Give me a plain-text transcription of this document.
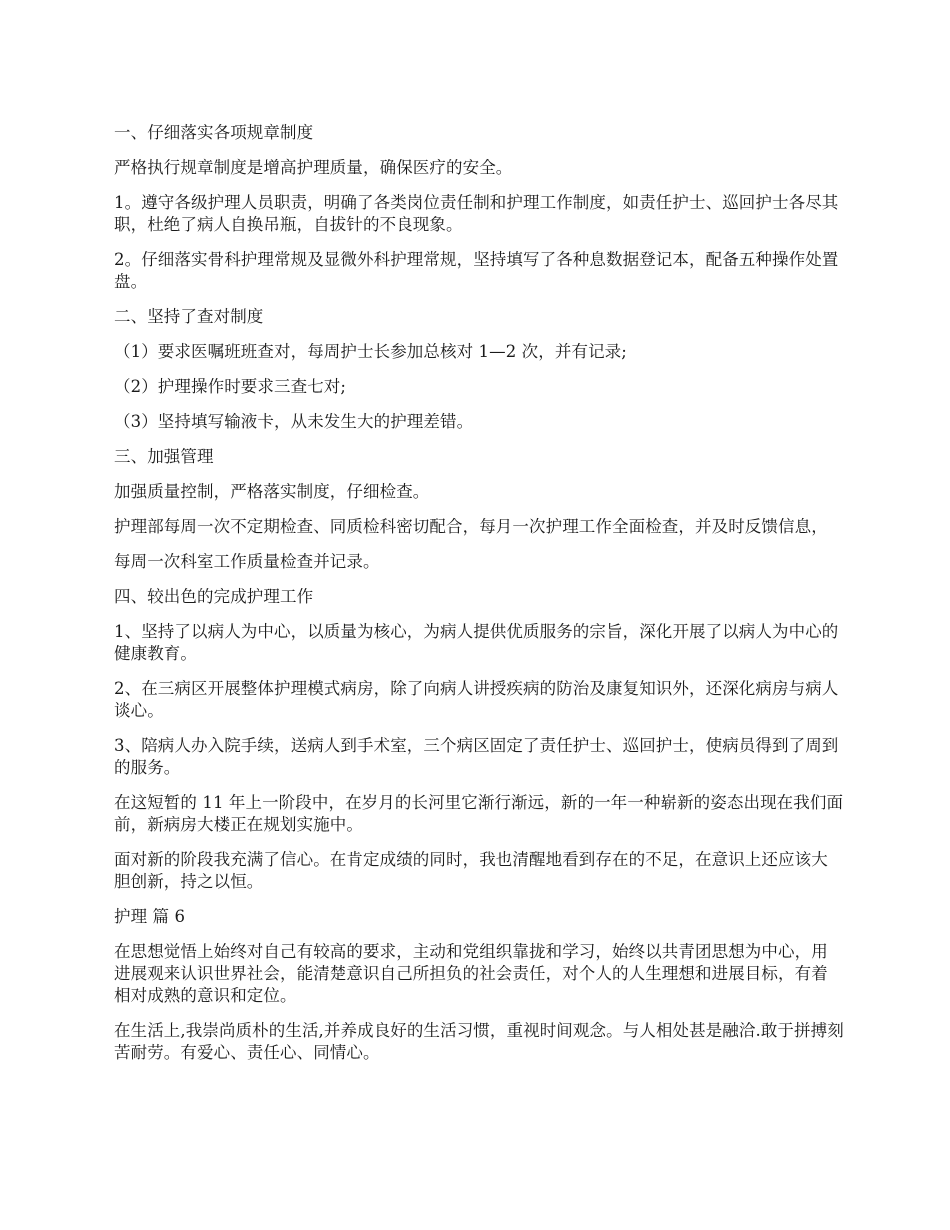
一、仔细落实各项规章制度

严格执行规章制度是增高护理质量，确保医疗的安全。

1。遵守各级护理人员职责，明确了各类岗位责任制和护理工作制度，如责任护士、巡回护士各尽其职，杜绝了病人自换吊瓶，自拔针的不良现象。

2。仔细落实骨科护理常规及显微外科护理常规，坚持填写了各种息数据登记本，配备五种操作处置盘。

二、坚持了查对制度

（1）要求医嘱班班查对，每周护士长参加总核对 1—2 次，并有记录;

（2）护理操作时要求三查七对;

（3）坚持填写输液卡，从未发生大的护理差错。

三、加强管理

加强质量控制，严格落实制度，仔细检查。

护理部每周一次不定期检查、同质检科密切配合，每月一次护理工作全面检查，并及时反馈信息，

每周一次科室工作质量检查并记录。

四、较出色的完成护理工作

1、坚持了以病人为中心，以质量为核心，为病人提供优质服务的宗旨，深化开展了以病人为中心的健康教育。

2、在三病区开展整体护理模式病房，除了向病人讲授疾病的防治及康复知识外，还深化病房与病人谈心。

3、陪病人办入院手续，送病人到手术室，三个病区固定了责任护士、巡回护士，使病员得到了周到的服务。

在这短暂的 11 年上一阶段中，在岁月的长河里它渐行渐远，新的一年一种崭新的姿态出现在我们面前，新病房大楼正在规划实施中。

面对新的阶段我充满了信心。在肯定成绩的同时，我也清醒地看到存在的不足，在意识上还应该大胆创新，持之以恒。

护理 篇 6

在思想觉悟上始终对自己有较高的要求，主动和党组织靠拢和学习，始终以共青团思想为中心，用进展观来认识世界社会，能清楚意识自己所担负的社会责任，对个人的人生理想和进展目标，有着相对成熟的意识和定位。

在生活上,我崇尚质朴的生活,并养成良好的生活习惯，重视时间观念。与人相处甚是融洽.敢于拼搏刻苦耐劳。有爱心、责任心、同情心。
